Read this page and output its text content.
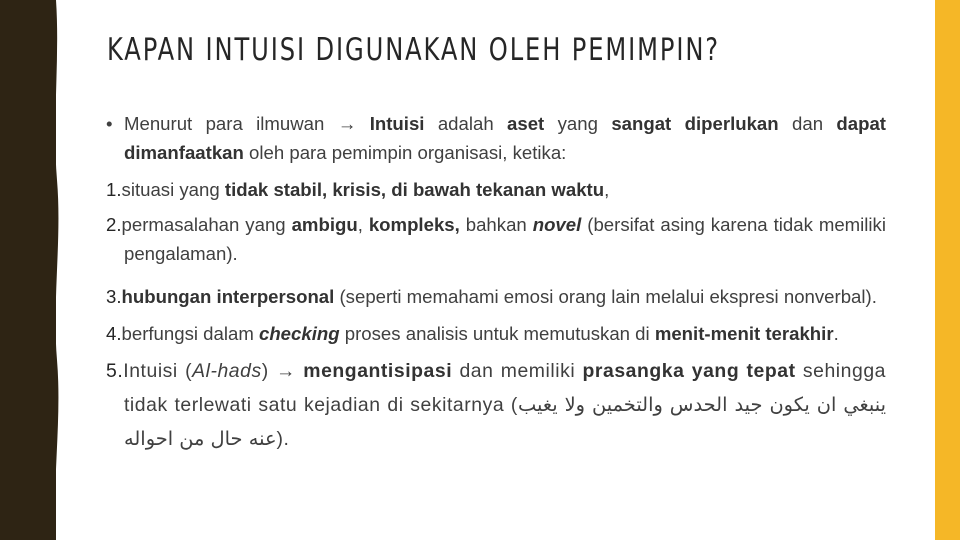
KAPAN INTUISI DIGUNAKAN OLEH PEMIMPIN?
• Menurut para ilmuwan → Intuisi adalah aset yang sangat diperlukan dan dapat dimanfaatkan oleh para pemimpin organisasi, ketika:
1.situasi yang tidak stabil, krisis, di bawah tekanan waktu,
2.permasalahan yang ambigu, kompleks, bahkan novel (bersifat asing karena tidak memiliki pengalaman).
3.hubungan interpersonal (seperti memahami emosi orang lain melalui ekspresi nonverbal).
4.berfungsi dalam checking proses analisis untuk memutuskan di menit-menit terakhir.
5.Intuisi (Al-hads) → mengantisipasi dan memiliki prasangka yang tepat sehingga tidak terlewati satu kejadian di sekitarnya (ينبغي ان يكون جيد الحدس والتخمين ولا يغيب عنه حال من احواله).
